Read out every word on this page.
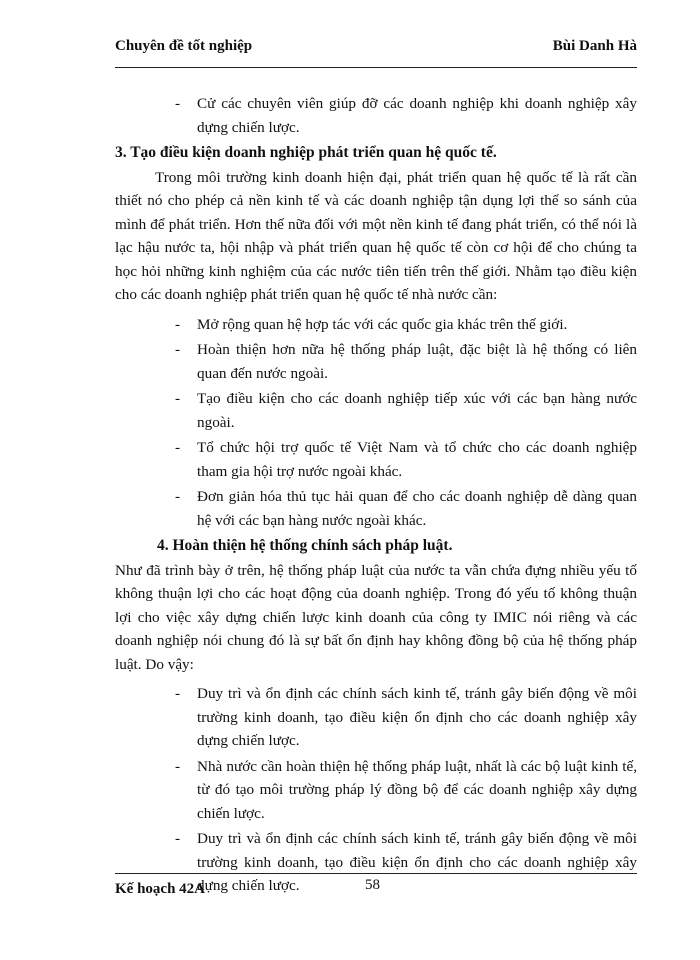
Chuyên đề tốt nghiệp	Bùi Danh Hà
- Cử các chuyên viên giúp đỡ các doanh nghiệp khi doanh nghiệp xây dựng chiến lược.
3. Tạo điều kiện doanh nghiệp phát triển quan hệ quốc tế.

Trong môi trường kinh doanh hiện đại, phát triển quan hệ quốc tế là rất cần thiết nó cho phép cả nền kinh tế và các doanh nghiệp tận dụng lợi thế so sánh của mình để phát triển. Hơn thế nữa đối với một nền kinh tế đang phát triển, có thể nói là lạc hậu nước ta, hội nhập và phát triển quan hệ quốc tế còn cơ hội để cho chúng ta học hỏi những kinh nghiệm của các nước tiên tiến trên thế giới. Nhằm tạo điều kiện cho các doanh nghiệp phát triển quan hệ quốc tế nhà nước cần:

- Mở rộng quan hệ hợp tác với các quốc gia khác trên thế giới.
- Hoàn thiện hơn nữa hệ thống pháp luật, đặc biệt là hệ thống có liên quan đến nước ngoài.
- Tạo điều kiện cho các doanh nghiệp tiếp xúc với các bạn hàng nước ngoài.
- Tổ chức hội trợ quốc tế Việt Nam và tổ chức cho các doanh nghiệp tham gia hội trợ nước ngoài khác.
- Đơn giản hóa thủ tục hải quan để cho các doanh nghiệp dễ dàng quan hệ với các bạn hàng nước ngoài khác.
4. Hoàn thiện hệ thống chính sách pháp luật.

Như đã trình bày ở trên, hệ thống pháp luật của nước ta vẫn chứa đựng nhiều yếu tố không thuận lợi cho các hoạt động của doanh nghiệp. Trong đó yếu tố không thuận lợi cho việc xây dựng chiến lược kinh doanh của công ty IMIC nói riêng và các doanh nghiệp nói chung đó là sự bất ổn định hay không đồng bộ của hệ thống pháp luật. Do vậy:

- Duy trì và ổn định các chính sách kinh tế, tránh gây biến động về môi trường kinh doanh, tạo điều kiện ổn định cho các doanh nghiệp xây dựng chiến lược.
- Nhà nước cần hoàn thiện hệ thống pháp luật, nhất là các bộ luật kinh tế, từ đó tạo môi trường pháp lý đồng bộ để các doanh nghiệp xây dựng chiến lược.
- Duy trì và ổn định các chính sách kinh tế, tránh gây biến động về môi trường kinh doanh, tạo điều kiện ổn định cho các doanh nghiệp xây dựng chiến lược.
Kế hoạch 42A	58
